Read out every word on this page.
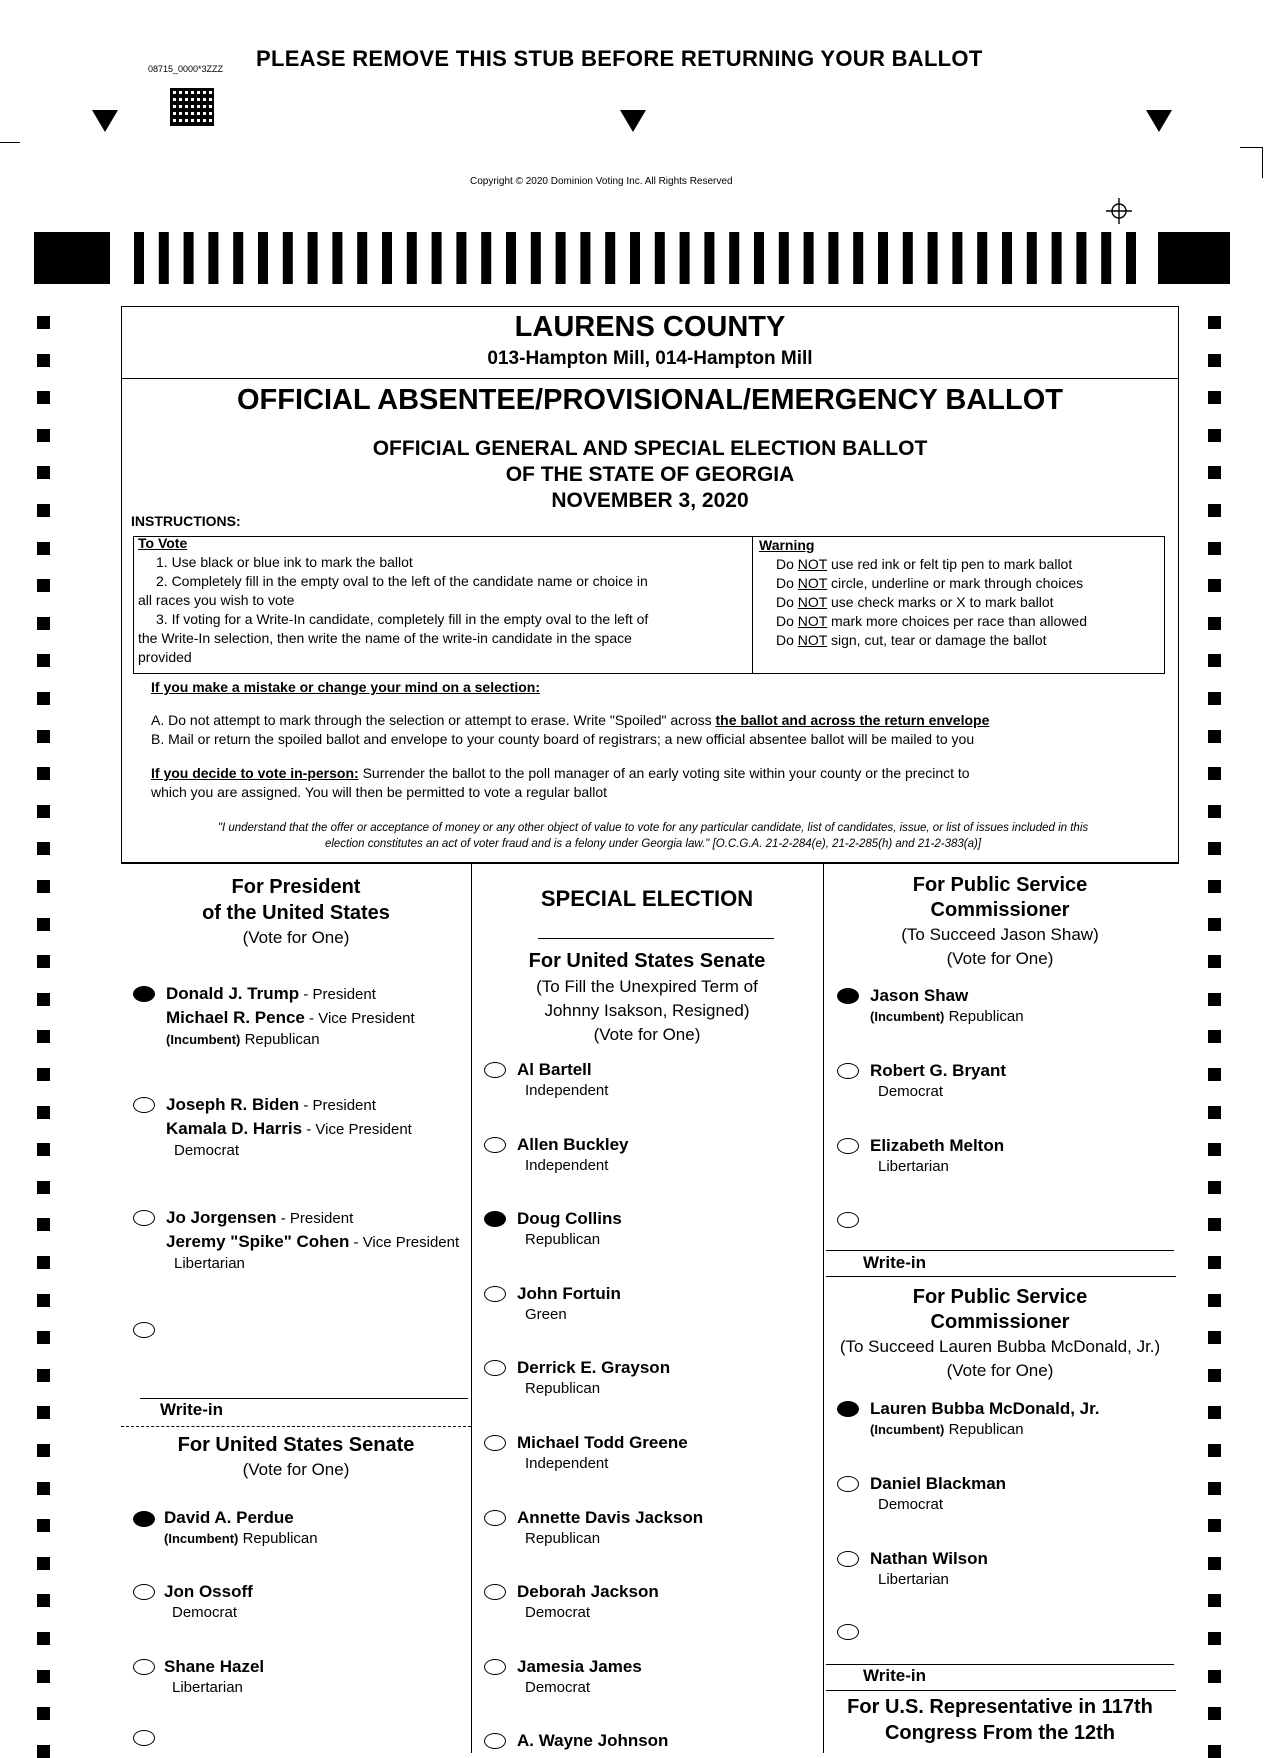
PLEASE REMOVE THIS STUB BEFORE RETURNING YOUR BALLOT
08715_0000*3ZZZ
Copyright © 2020 Dominion Voting Inc. All Rights Reserved
LAURENS COUNTY
013-Hampton Mill, 014-Hampton Mill
OFFICIAL ABSENTEE/PROVISIONAL/EMERGENCY BALLOT
OFFICIAL GENERAL AND SPECIAL ELECTION BALLOT
OF THE STATE OF GEORGIA
NOVEMBER 3, 2020
INSTRUCTIONS:
To Vote
1. Use black or blue ink to mark the ballot
2. Completely fill in the empty oval to the left of the candidate name or choice in
all races you wish to vote
3. If voting for a Write-In candidate, completely fill in the empty oval to the left of
the Write-In selection, then write the name of the write-in candidate in the space
provided
Warning
Do NOT use red ink or felt tip pen to mark ballot
Do NOT circle, underline or mark through choices
Do NOT use check marks or X to mark ballot
Do NOT mark more choices per race than allowed
Do NOT sign, cut, tear or damage the ballot
If you make a mistake or change your mind on a selection:
A. Do not attempt to mark through the selection or attempt to erase. Write "Spoiled" across the ballot and across the return envelope
B. Mail or return the spoiled ballot and envelope to your county board of registrars; a new official absentee ballot will be mailed to you
If you decide to vote in-person: Surrender the ballot to the poll manager of an early voting site within your county or the precinct to
which you are assigned. You will then be permitted to vote a regular ballot
"I understand that the offer or acceptance of money or any other object of value to vote for any particular candidate, list of candidates, issue, or list of issues included in this
election constitutes an act of voter fraud and is a felony under Georgia law." [O.C.G.A. 21-2-284(e), 21-2-285(h) and 21-2-383(a)]
For President
of the United States
(Vote for One)
Donald J. Trump - President
Michael R. Pence - Vice President
(Incumbent) Republican
Joseph R. Biden - President
Kamala D. Harris - Vice President
Democrat
Jo Jorgensen - President
Jeremy "Spike" Cohen - Vice President
Libertarian
Write-in
For United States Senate
(Vote for One)
David A. Perdue
(Incumbent) Republican
Jon Ossoff
Democrat
Shane Hazel
Libertarian
SPECIAL ELECTION
For United States Senate
(To Fill the Unexpired Term of
Johnny Isakson, Resigned)
(Vote for One)
Al Bartell
Independent
Allen Buckley
Independent
Doug Collins
Republican
John Fortuin
Green
Derrick E. Grayson
Republican
Michael Todd Greene
Independent
Annette Davis Jackson
Republican
Deborah Jackson
Democrat
Jamesia James
Democrat
A. Wayne Johnson
For Public Service
Commissioner
(To Succeed Jason Shaw)
(Vote for One)
Jason Shaw
(Incumbent) Republican
Robert G. Bryant
Democrat
Elizabeth Melton
Libertarian
Write-in
For Public Service
Commissioner
(To Succeed Lauren Bubba McDonald, Jr.)
(Vote for One)
Lauren Bubba McDonald, Jr.
(Incumbent) Republican
Daniel Blackman
Democrat
Nathan Wilson
Libertarian
Write-in
For U.S. Representative in 117th
Congress From the 12th
